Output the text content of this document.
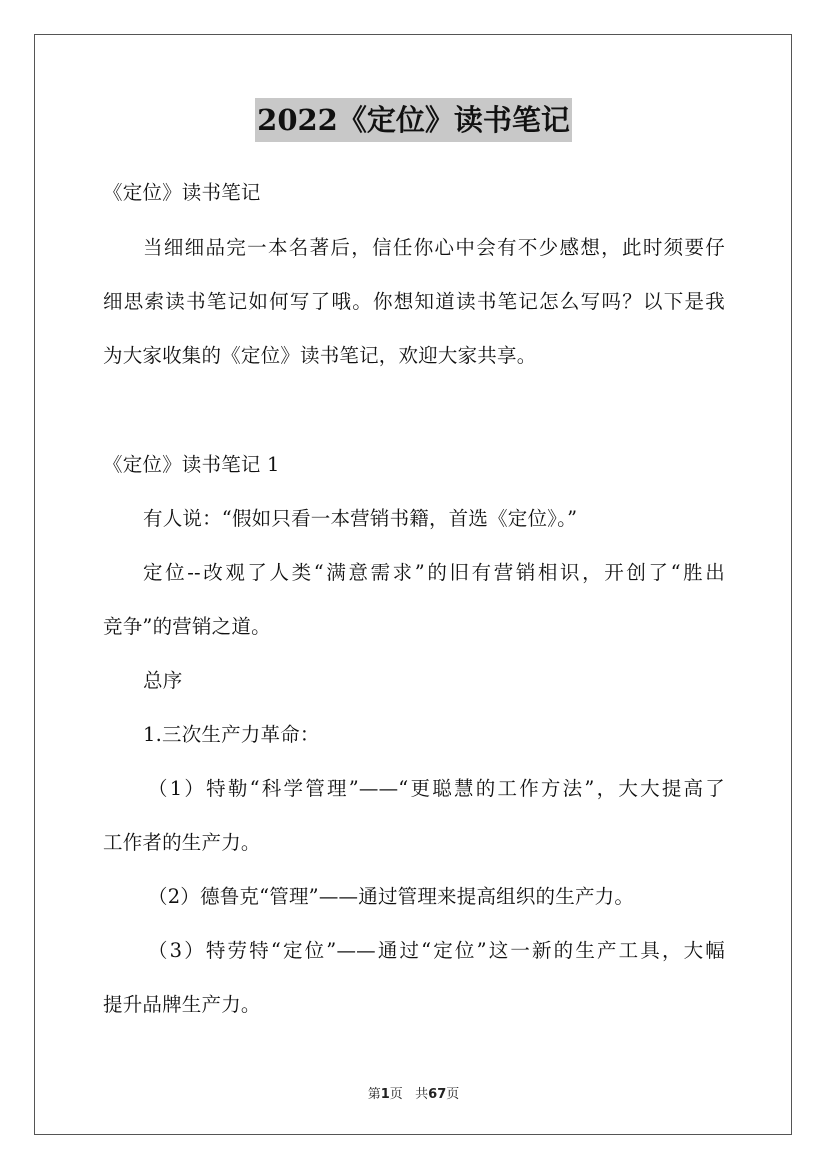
2022《定位》读书笔记
《定位》读书笔记
当细细品完一本名著后，信任你心中会有不少感想，此时须要仔
细思索读书笔记如何写了哦。你想知道读书笔记怎么写吗？以下是我
为大家收集的《定位》读书笔记，欢迎大家共享。
《定位》读书笔记 1
有人说：“假如只看一本营销书籍，首选《定位》。”
定位--改观了人类“满意需求”的旧有营销相识，开创了“胜出
竞争”的营销之道。
总序
1.三次生产力革命：
（1）特勒“科学管理”——“更聪慧的工作方法”，大大提高了
工作者的生产力。
（2）德鲁克“管理”——通过管理来提高组织的生产力。
（3）特劳特“定位”——通过“定位”这一新的生产工具，大幅
提升品牌生产力。
第1页   共67页
